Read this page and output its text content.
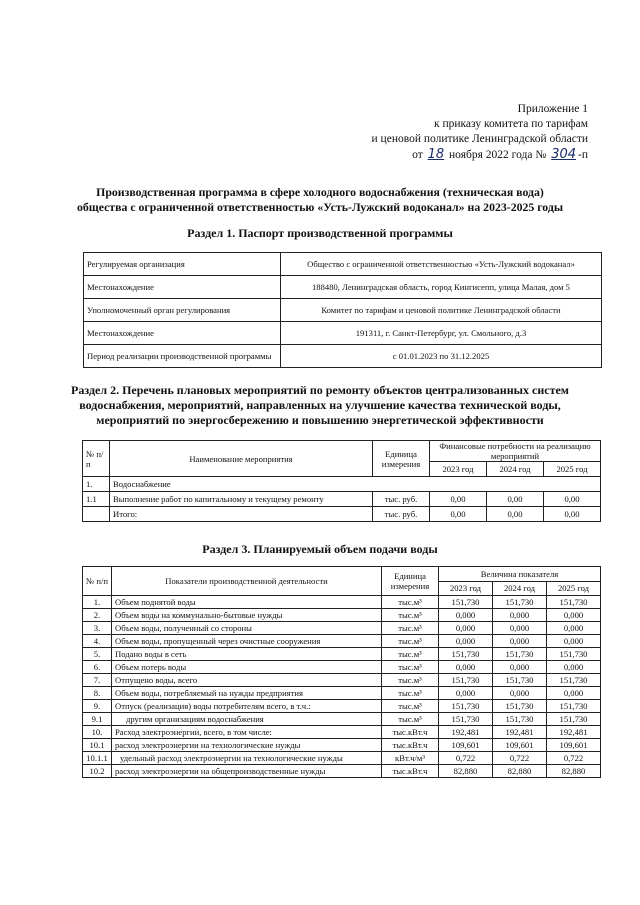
Приложение 1
к приказу комитета по тарифам
и ценовой политике Ленинградской области
от 18 ноября 2022 года № 304 -п
Производственная программа в сфере холодного водоснабжения (техническая вода)
общества с ограниченной ответственностью «Усть-Лужский водоканал» на 2023-2025 годы
Раздел 1. Паспорт производственной программы
Регулируемая организация	Общество с ограниченной ответственностью «Усть-Лужский водоканал»
Местонахождение	188480, Ленинградская область, город Кингисепп, улица Малая, дом 5
Уполномоченный орган регулирования	Комитет по тарифам и ценовой политике Ленинградской области
Местонахождение	191311, г. Санкт-Петербург, ул. Смольного, д.3
Период реализации производственной программы	с 01.01.2023 по 31.12.2025
Раздел 2. Перечень плановых мероприятий по ремонту объектов централизованных систем
водоснабжения, мероприятий, направленных на улучшение качества технической воды,
мероприятий по энергосбережению и повышению энергетической эффективности
№ п/п	Наименование мероприятия	Единица измерения	Финансовые потребности на реализацию мероприятий		
			2023 год	2024 год	2025 год
1.	Водоснабжение				
1.1	Выполнение работ по капитальному и текущему ремонту	тыс. руб.	0,00	0,00	0,00
	Итого:	тыс. руб.	0,00	0,00	0,00
Раздел 3. Планируемый объем подачи воды
№ п/п	Показатели производственной деятельности	Единица измерения	Величина показателя		
			2023 год	2024 год	2025 год
1.	Объем поднятой воды	тыс.м³	151,730	151,730	151,730
2.	Объем воды на коммунально-бытовые нужды	тыс.м³	0,000	0,000	0,000
3.	Объем воды, полученный со стороны	тыс.м³	0,000	0,000	0,000
4.	Объем воды, пропущенный через очистные сооружения	тыс.м³	0,000	0,000	0,000
5.	Подано воды в сеть	тыс.м³	151,730	151,730	151,730
6.	Объем потерь воды	тыс.м³	0,000	0,000	0,000
7.	Отпущено воды, всего	тыс.м³	151,730	151,730	151,730
8.	Объем воды, потребляемый на нужды предприятия	тыс.м³	0,000	0,000	0,000
9.	Отпуск (реализация) воды потребителям всего, в т.ч.:	тыс.м³	151,730	151,730	151,730
9.1	другим организациям водоснабжения	тыс.м³	151,730	151,730	151,730
10.	Расход электроэнергии, всего, в том числе:	тыс.кВт.ч	192,481	192,481	192,481
10.1	расход электроэнергии на технологические нужды	тыс.кВт.ч	109,601	109,601	109,601
10.1.1	удельный расход электроэнергии на технологические нужды	кВт.ч/м³	0,722	0,722	0,722
10.2	расход электроэнергии на общепроизводственные нужды	тыс.кВт.ч	82,880	82,880	82,880
